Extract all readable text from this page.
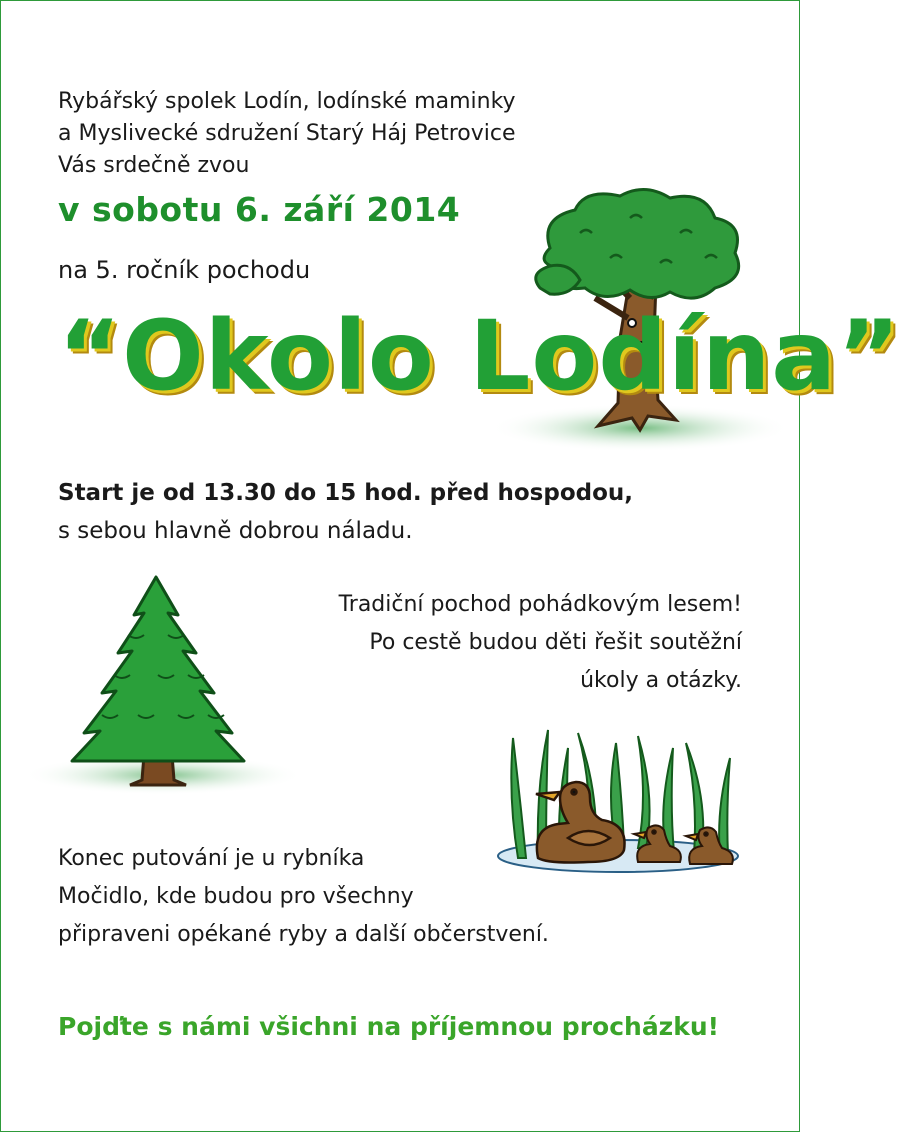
Rybářský spolek Lodín, lodínské maminky
a Myslivecké sdružení Starý Háj Petrovice
Vás srdečně zvou
v sobotu 6. září 2014
na 5. ročník pochodu
“Okolo Lodína”
Start je od 13.30 do 15 hod. před hospodou,
s sebou hlavně dobrou náladu.
Tradiční pochod pohádkovým lesem!
Po cestě budou děti řešit soutěžní
úkoly a otázky.
Konec putování je u rybníka
Močidlo, kde budou pro všechny
připraveni opékané ryby a další občerstvení.
Pojďte s námi všichni na příjemnou procházku!
